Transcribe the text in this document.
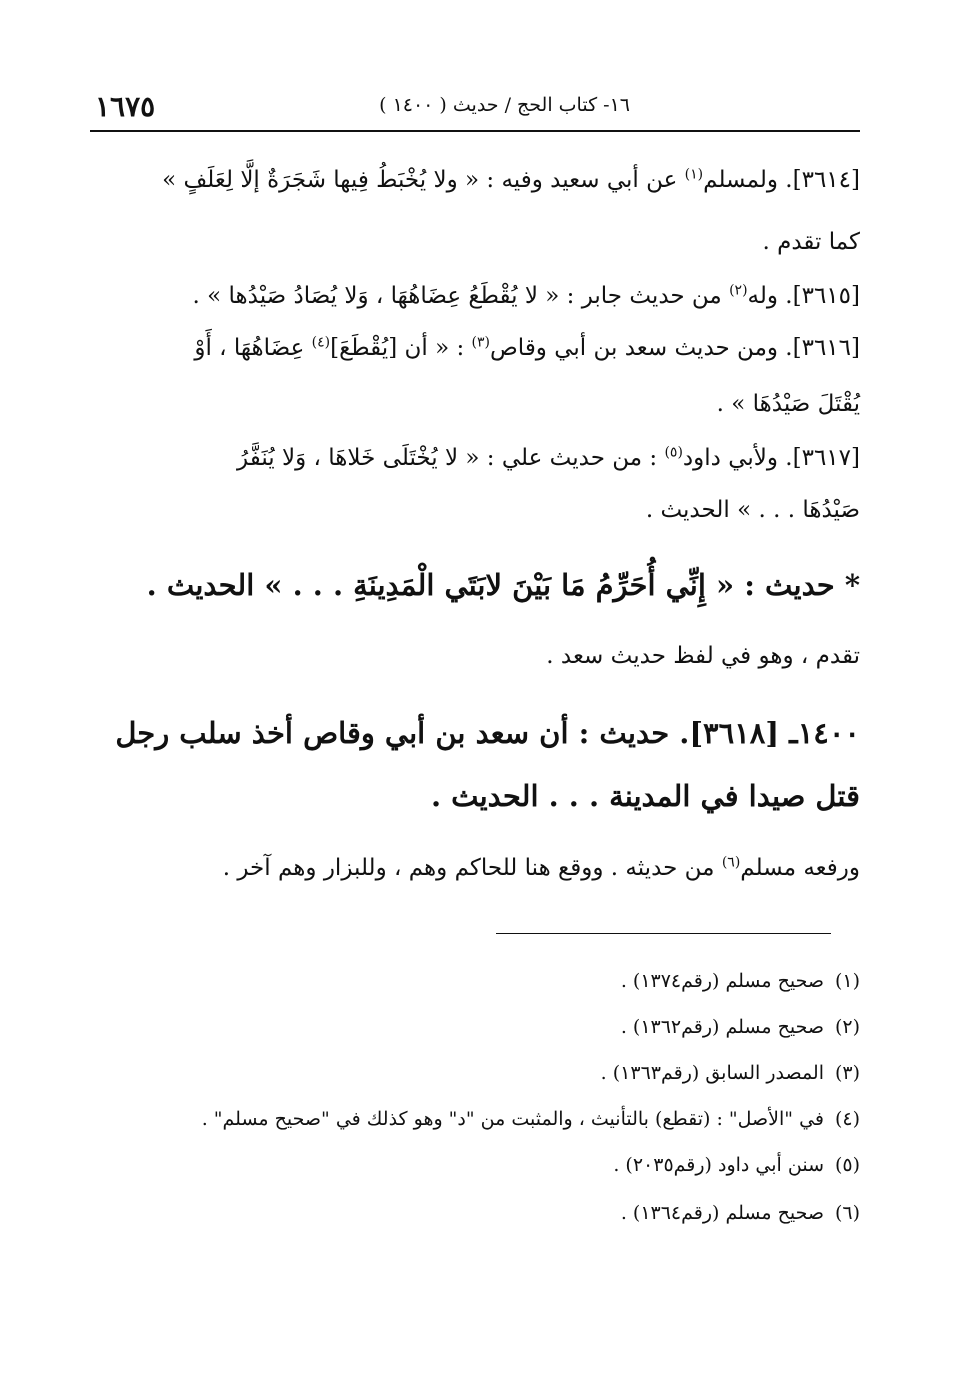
١٦- كتاب الحج / حديث ( ١٤٠٠ )
١٦٧٥
[٣٦١٤]. ولمسلم$^{(١)}$ عن أبي سعيد وفيه : « ولا يُخْبَطُ فِيها شَجَرَةٌ إلَّا لِعَلَفٍ »
كما تقدم .
[٣٦١٥]. وله$^{(٢)}$ من حديث جابر : « لا يُقْطَعُ عِضَاهُهَا ، وَلا يُصَادُ صَيْدُها » .
[٣٦١٦]. ومن حديث سعد بن أبي وقاص$^{(٣)}$ : « أن [يُقْطَعَ]$^{(٤)}$ عِضَاهُهَا ، أَوْ
يُقْتَلَ صَيْدُهَا » .
[٣٦١٧]. ولأبي داود$^{(٥)}$ : من حديث علي : « لا يُخْتَلَى خَلاهَا ، وَلا يُنَفَّرُ
صَيْدُهَا . . . » الحديث .
* حديث : « إِنِّي أُحَرِّمُ مَا بَيْنَ لابَتَي الْمَدِينَةِ . . . » الحديث .
تقدم ، وهو في لفظ حديث سعد .
١٤٠٠ـ [٣٦١٨]. حديث : أن سعد بن أبي وقاص أخذ سلب رجل
قتل صيدا في المدينة . . . الحديث .
ورفعه مسلم$^{(٦)}$ من حديثه . ووقع هنا للحاكم وهم ، وللبزار وهم آخر .
(١)صحيح مسلم (رقم١٣٧٤) .
(٢)صحيح مسلم (رقم١٣٦٢) .
(٣)المصدر السابق (رقم١٣٦٣) .
(٤)في "الأصل" : (تقطع) بالتأنيث ، والمثبت من "د" وهو كذلك في "صحيح مسلم" .
(٥)سنن أبي داود (رقم٢٠٣٥) .
(٦)صحيح مسلم (رقم١٣٦٤) .
